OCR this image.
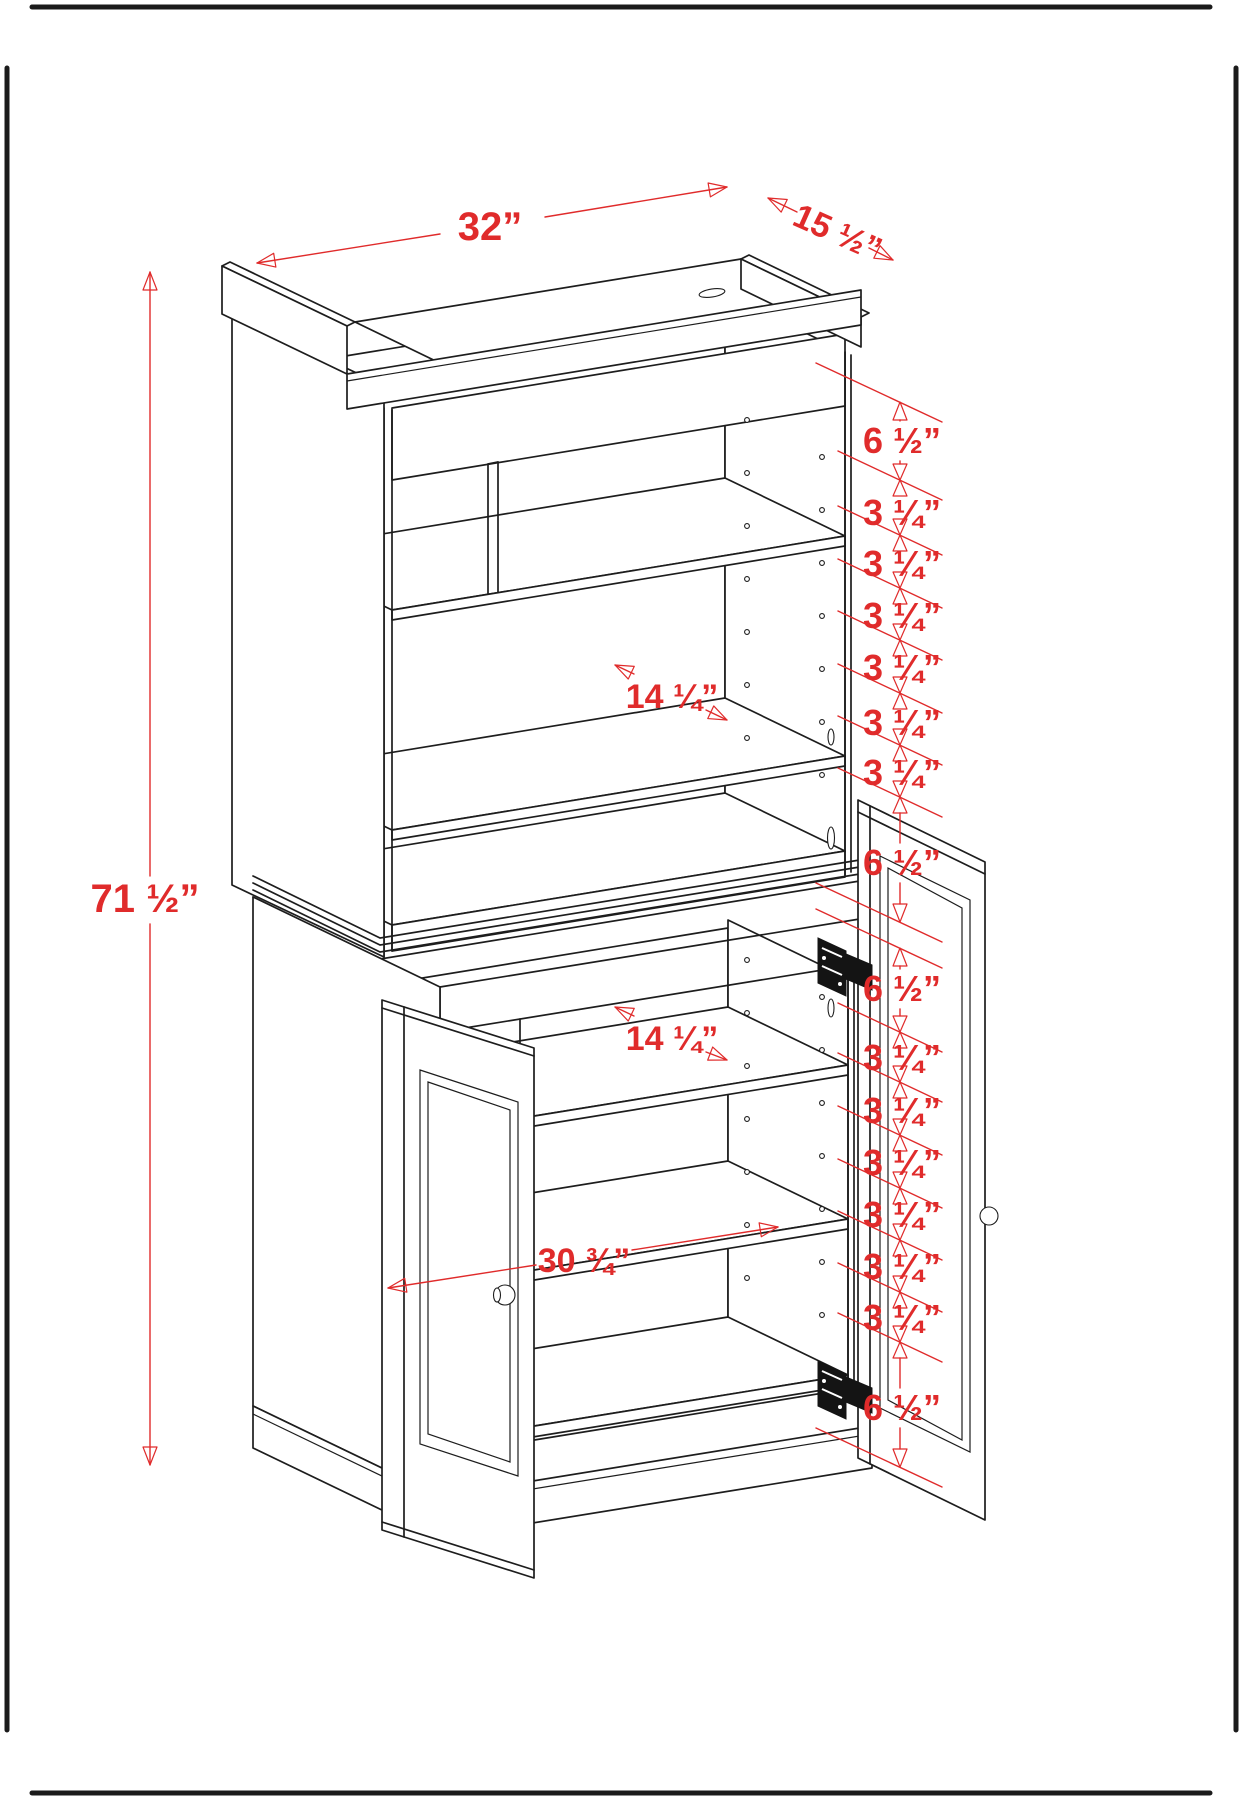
32”	15 ½”
71 ½”
14 ¼”
14 ¼”
30 ¾”
6 ½”
3 ¼”
3 ¼”
3 ¼”
3 ¼”
3 ¼”
3 ¼”
6 ½”
6 ½”
3 ¼”
3 ¼”
3 ¼”
3 ¼”
3 ¼”
3 ¼”
6 ½”
